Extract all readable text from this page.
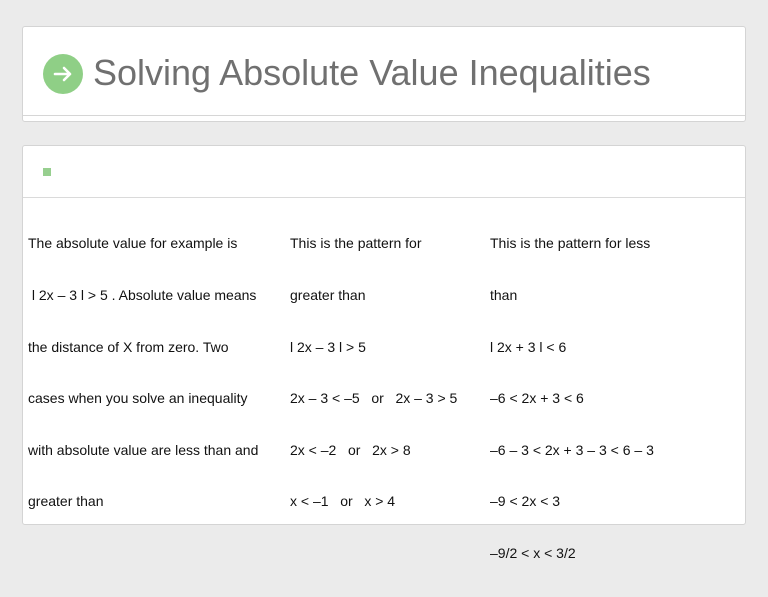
Solving Absolute Value Inequalities

The absolute value for example is

l 2x – 3 l > 5 . Absolute value means

the distance of X from zero. Two

cases when you solve an inequality

with absolute value are less than and

greater than

This is the pattern for

greater than

l 2x – 3 l > 5

2x – 3 < –5   or   2x – 3 > 5

2x < –2   or   2x > 8

x < –1   or   x > 4

This is the pattern for less

than

l 2x + 3 l < 6

–6 < 2x + 3 < 6

–6 – 3 < 2x + 3 – 3 < 6 – 3

–9 < 2x < 3

–9/2 < x < 3/2
